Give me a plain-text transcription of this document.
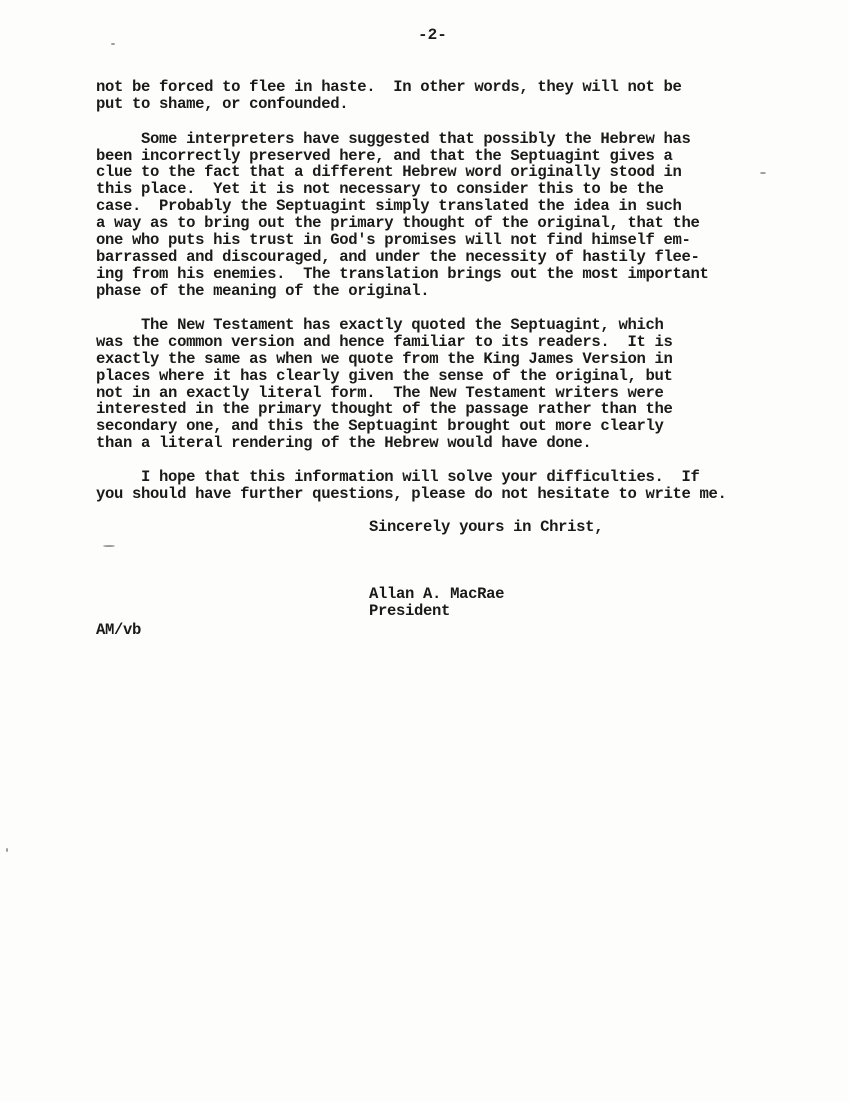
-2-
not be forced to flee in haste.  In other words, they will not be
put to shame, or confounded.
Some interpreters have suggested that possibly the Hebrew has
been incorrectly preserved here, and that the Septuagint gives a
clue to the fact that a different Hebrew word originally stood in
this place.  Yet it is not necessary to consider this to be the
case.  Probably the Septuagint simply translated the idea in such
a way as to bring out the primary thought of the original, that the
one who puts his trust in God's promises will not find himself em-
barrassed and discouraged, and under the necessity of hastily flee-
ing from his enemies.  The translation brings out the most important
phase of the meaning of the original.
The New Testament has exactly quoted the Septuagint, which
was the common version and hence familiar to its readers.  It is
exactly the same as when we quote from the King James Version in
places where it has clearly given the sense of the original, but
not in an exactly literal form.  The New Testament writers were
interested in the primary thought of the passage rather than the
secondary one, and this the Septuagint brought out more clearly
than a literal rendering of the Hebrew would have done.
I hope that this information will solve your difficulties.  If
you should have further questions, please do not hesitate to write me.
Sincerely yours in Christ,
Allan A. MacRae
President
AM/vb
